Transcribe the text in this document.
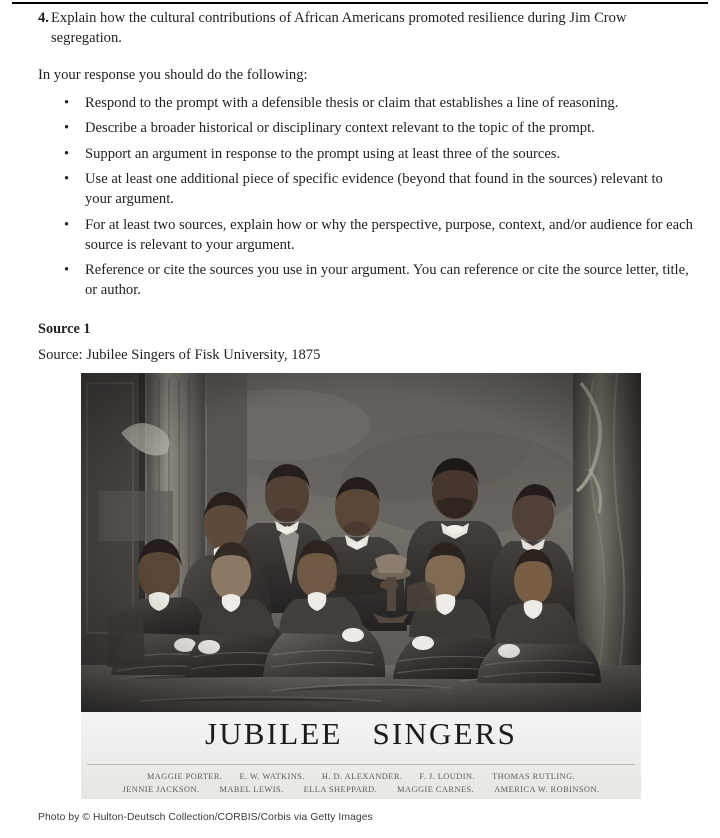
4. Explain how the cultural contributions of African Americans promoted resilience during Jim Crow segregation.
In your response you should do the following:
• Respond to the prompt with a defensible thesis or claim that establishes a line of reasoning.
• Describe a broader historical or disciplinary context relevant to the topic of the prompt.
• Support an argument in response to the prompt using at least three of the sources.
• Use at least one additional piece of specific evidence (beyond that found in the sources) relevant to your argument.
• For at least two sources, explain how or why the perspective, purpose, context, and/or audience for each source is relevant to your argument.
• Reference or cite the sources you use in your argument. You can reference or cite the source letter, title, or author.
Source 1
Source: Jubilee Singers of Fisk University, 1875
JUBILEE   SINGERS
MAGGIE PORTER. E. W. WATKINS. H. D. ALEXANDER. F. J. LOUDIN. THOMAS RUTLING.
JENNIE JACKSON. MABEL LEWIS. ELLA SHEPPARD. MAGGIE CARNES. AMERICA W. ROBINSON.
Photo by © Hulton-Deutsch Collection/CORBIS/Corbis via Getty Images
